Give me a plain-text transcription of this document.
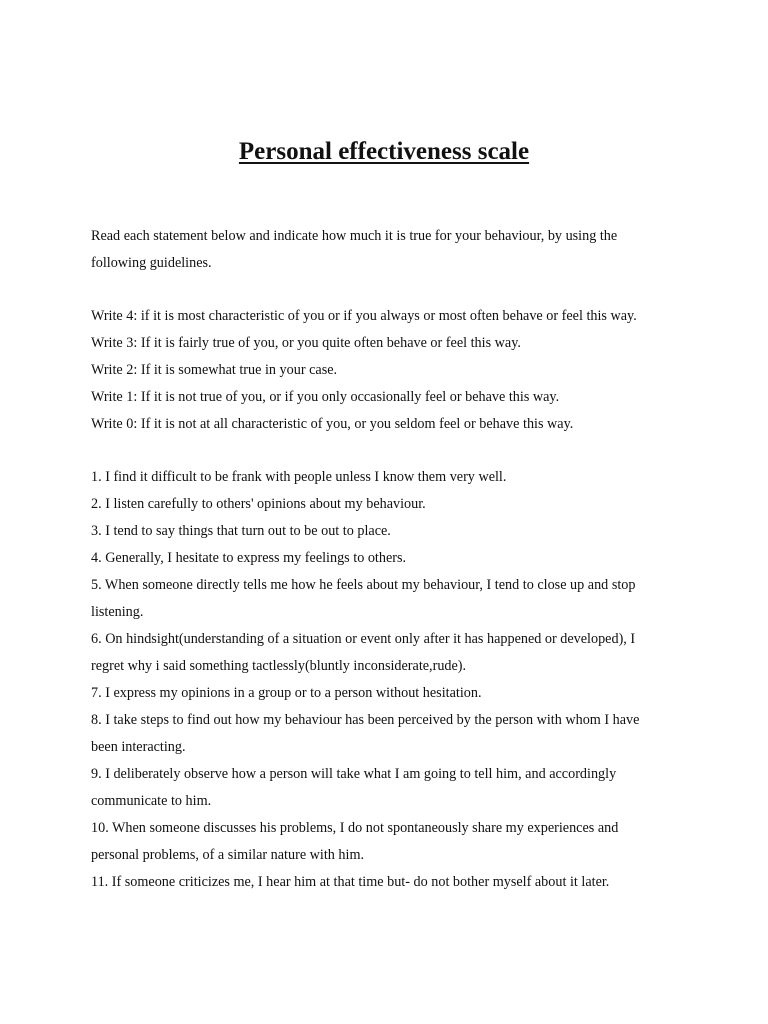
Personal effectiveness scale

Read each statement below and indicate how much it is true for your behaviour, by using the
following guidelines.

Write 4: if it is most characteristic of you or if you always or most often behave or feel this way.
Write 3: If it is fairly true of you, or you quite often behave or feel this way.
Write 2: If it is somewhat true in your case.
Write 1: If it is not true of you, or if you only occasionally feel or behave this way.
Write 0: If it is not at all characteristic of you, or you seldom feel or behave this way.
1. I find it difficult to be frank with people unless I know them very well.
2. I listen carefully to others' opinions about my behaviour.
3. I tend to say things that turn out to be out to place.
4. Generally, I hesitate to express my feelings to others.
5. When someone directly tells me how he feels about my behaviour, I tend to close up and stop
listening.
6. On hindsight(understanding of a situation or event only after it has happened or developed), I
regret why i said something tactlessly(bluntly inconsiderate,rude).
7. I express my opinions in a group or to a person without hesitation.
8. I take steps to find out how my behaviour has been perceived by the person with whom I have
been interacting.
9. I deliberately observe how a person will take what I am going to tell him, and accordingly
communicate to him.
10. When someone discusses his problems, I do not spontaneously share my experiences and
personal problems, of a similar nature with him.
11. If someone criticizes me, I hear him at that time but- do not bother myself about it later.
